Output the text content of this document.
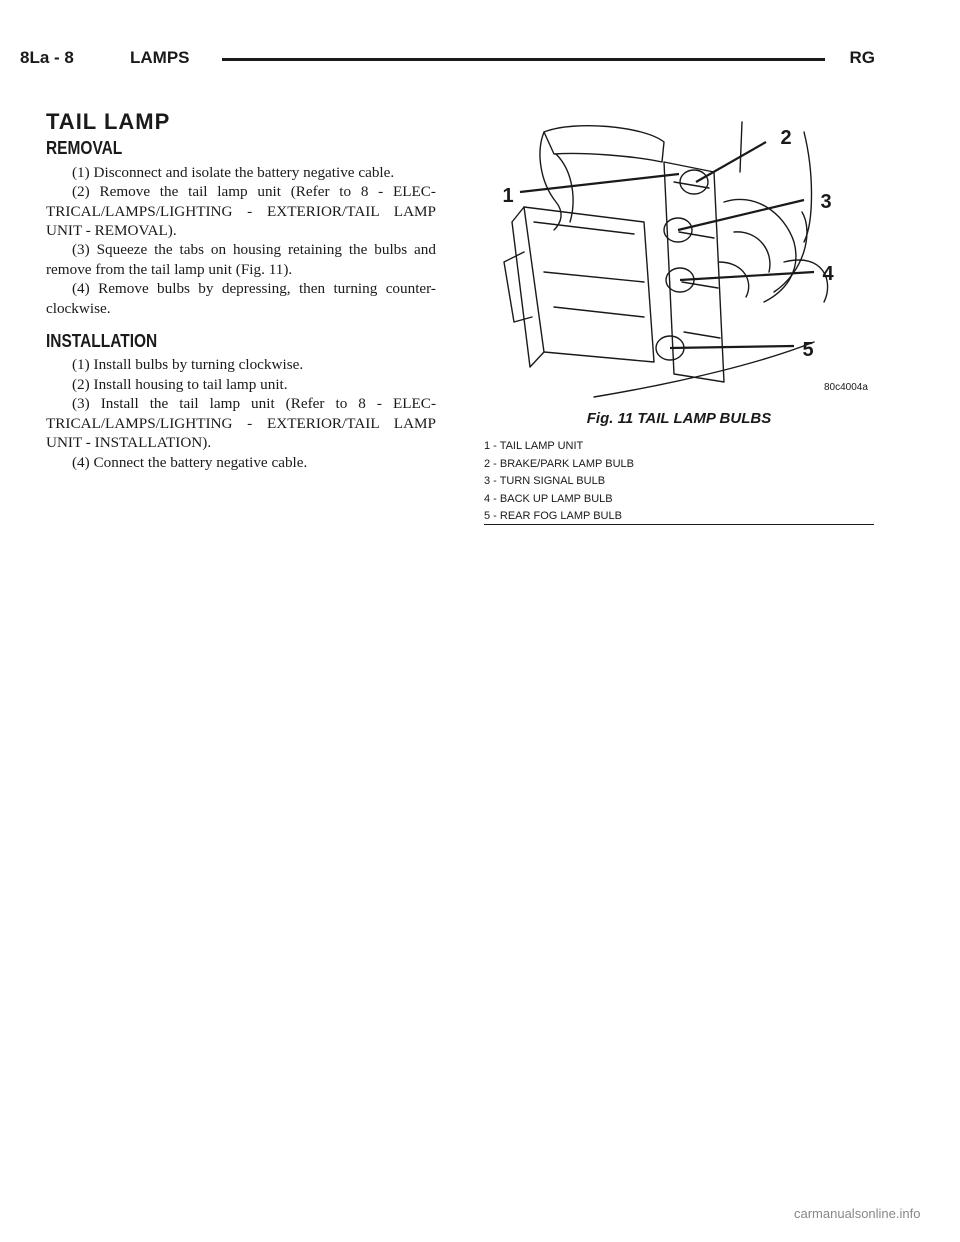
8La - 8	LAMPS	RG
TAIL LAMP
REMOVAL

(1) Disconnect and isolate the battery negative cable.

(2) Remove the tail lamp unit (Refer to 8 - ELEC-TRICAL/LAMPS/LIGHTING - EXTERIOR/TAIL LAMP UNIT - REMOVAL).

(3) Squeeze the tabs on housing retaining the bulbs and remove from the tail lamp unit (Fig. 11).

(4) Remove bulbs by depressing, then turning counter-clockwise.

INSTALLATION

(1) Install bulbs by turning clockwise.

(2) Install housing to tail lamp unit.

(3) Install the tail lamp unit (Refer to 8 - ELEC-TRICAL/LAMPS/LIGHTING - EXTERIOR/TAIL LAMP UNIT - INSTALLATION).

(4) Connect the battery negative cable.

1
2
3
4
5
80c4004a
Fig. 11 TAIL LAMP BULBS
1 - TAIL LAMP UNIT
2 - BRAKE/PARK LAMP BULB
3 - TURN SIGNAL BULB
4 - BACK UP LAMP BULB
5 - REAR FOG LAMP BULB
carmanualsonline.info
